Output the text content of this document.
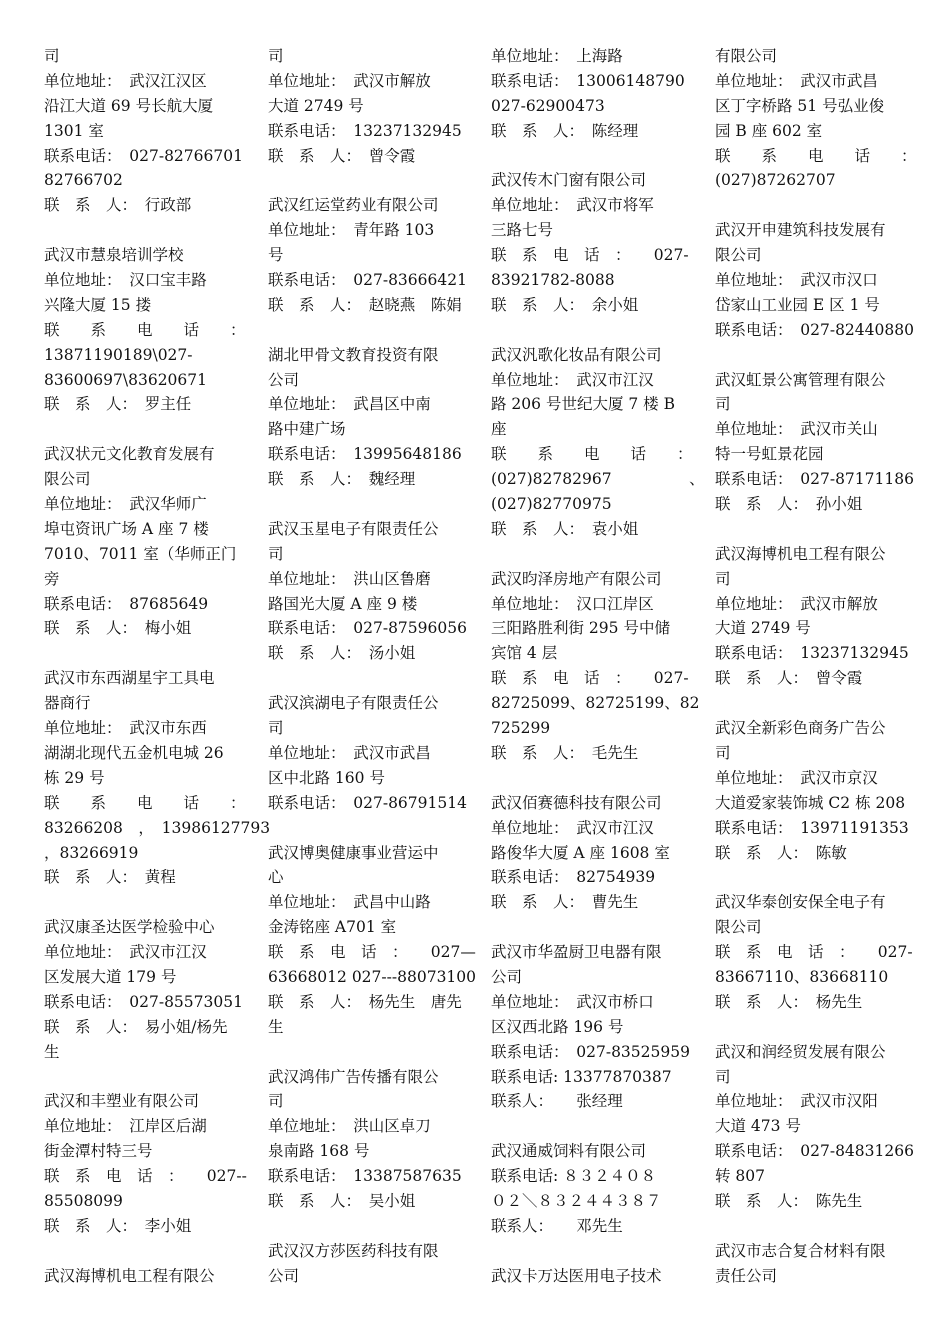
司
单位地址：　武汉江汉区
沿江大道 69 号长航大厦
1301 室
联系电话：　027-82766701
82766702
联　系　人：　行政部
武汉市慧泉培训学校
单位地址：　汉口宝丰路
兴隆大厦 15 搂
联　　系　　电　　话　　：
13871190189\027-
83600697\83620671
联　系　人：　罗主任
武汉状元文化教育发展有
限公司
单位地址：　武汉华师广
埠屯资讯广场 A 座 7 楼
7010、7011 室（华师正门
旁
联系电话：　87685649
联　系　人：　梅小姐
武汉市东西湖星宇工具电
器商行
单位地址：　武汉市东西
湖湖北现代五金机电城 26
栋 29 号
联　　系　　电　　话　　：
83266208　，　13986127793
，83266919
联　系　人：　黄程
武汉康圣达医学检验中心
单位地址：　武汉市江汉
区发展大道 179 号
联系电话：　027-85573051
联　系　人：　易小姐/杨先
生
武汉和丰塑业有限公司
单位地址：　江岸区后湖
街金潭村特三号
联　系　电　话　：　　027--
85508099
联　系　人：　李小姐
武汉海博机电工程有限公
司
单位地址：　武汉市解放
大道 2749 号
联系电话：　13237132945
联　系　人：　曾令霞
武汉红运堂药业有限公司
单位地址：　青年路 103
号
联系电话：　027-83666421
联　系　人：　赵晓燕　陈娟
湖北甲骨文教育投资有限
公司
单位地址：　武昌区中南
路中建广场
联系电话：　13995648186
联　系　人：　魏经理
武汉玉星电子有限责任公
司
单位地址：　洪山区鲁磨
路国光大厦 A 座 9 楼
联系电话：　027-87596056
联　系　人：　汤小姐
武汉滨湖电子有限责任公
司
单位地址：　武汉市武昌
区中北路 160 号
联系电话：　027-86791514
武汉博奥健康事业营运中
心
单位地址：　武昌中山路
金涛铭座 A701 室
联　系　电　话　：　　027—
63668012 027---88073100
联　系　人：　杨先生　唐先
生
武汉鸿伟广告传播有限公
司
单位地址：　洪山区卓刀
泉南路 168 号
联系电话：　13387587635
联　系　人：　吴小姐
武汉汉方莎医药科技有限
公司
单位地址：　上海路
联系电话：　13006148790
027-62900473
联　系　人：　陈经理
武汉传木门窗有限公司
单位地址：　武汉市将军
三路七号
联　系　电　话　：　　027-
83921782-8088
联　系　人：　余小姐
武汉汎歌化妆品有限公司
单位地址：　武汉市江汉
路 206 号世纪大厦 7 楼 B
座
联　　系　　电　　话　　：
(027)82782967　　　　　、
(027)82770975
联　系　人：　袁小姐
武汉昀泽房地产有限公司
单位地址：　汉口江岸区
三阳路胜利街 295 号中储
宾馆 4 层
联　系　电　话　：　　027-
82725099、82725199、82
725299
联　系　人：　毛先生
武汉佰赛德科技有限公司
单位地址：　武汉市江汉
路俊华大厦 A 座 1608 室
联系电话：　82754939
联　系　人：　曹先生
武汉市华盈厨卫电器有限
公司
单位地址：　武汉市桥口
区汉西北路 196 号
联系电话：　027-83525959
联系电话: 13377870387
联系人：　　张经理
武汉通威饲料有限公司
联系电话: ８３２４０８
０２＼８３２４４３８７
联系人：　　邓先生
武汉卡万达医用电子技术
有限公司
单位地址：　武汉市武昌
区丁字桥路 51 号弘业俊
园 B 座 602 室
联　　系　　电　　话　　：
(027)87262707
武汉开申建筑科技发展有
限公司
单位地址：　武汉市汉口
岱家山工业园 E 区 1 号
联系电话：　027-82440880
武汉虹景公寓管理有限公
司
单位地址：　武汉市关山
特一号虹景花园
联系电话：　027-87171186
联　系　人：　孙小姐
武汉海博机电工程有限公
司
单位地址：　武汉市解放
大道 2749 号
联系电话：　13237132945
联　系　人：　曾令霞
武汉全新彩色商务广告公
司
单位地址：　武汉市京汉
大道爱家装饰城 C2 栋 208
联系电话：　13971191353
联　系　人：　陈敏
武汉华泰创安保全电子有
限公司
联　系　电　话　：　　027-
83667110、83668110
联　系　人：　杨先生
武汉和润经贸发展有限公
司
单位地址：　武汉市汉阳
大道 473 号
联系电话：　027-84831266
转 807
联　系　人：　陈先生
武汉市志合复合材料有限
责任公司
